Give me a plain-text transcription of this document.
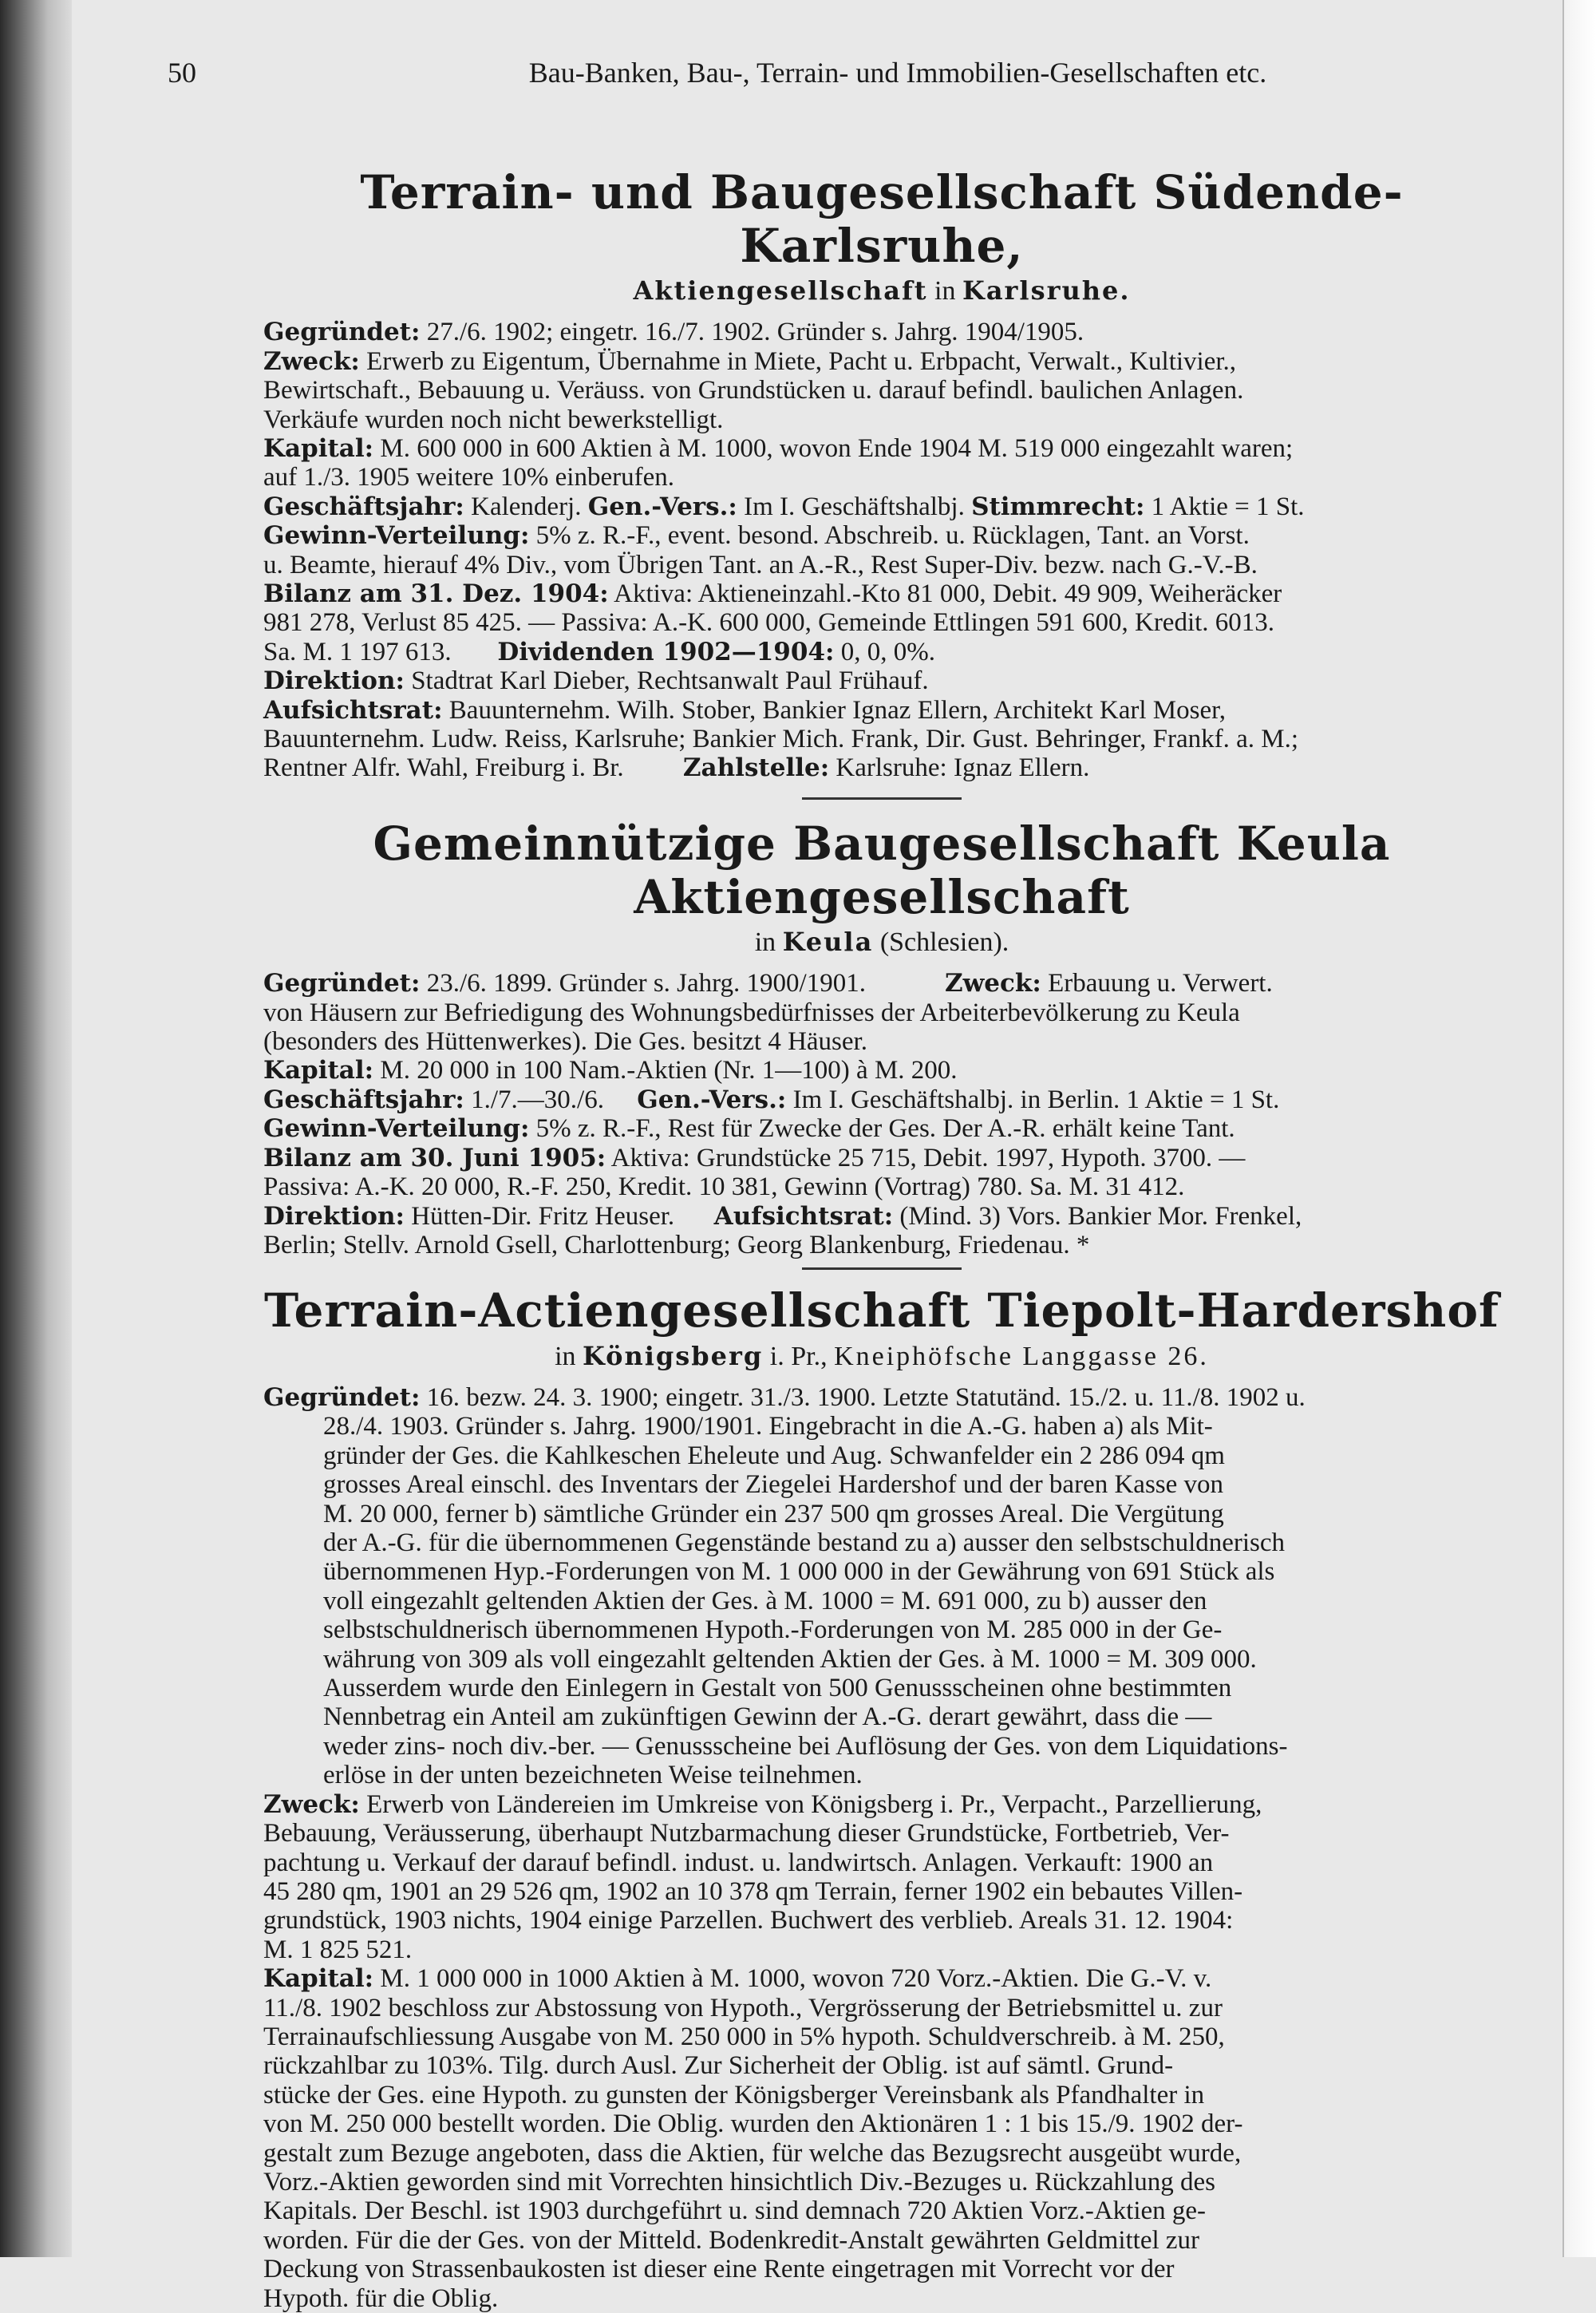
50	Bau-Banken, Bau-, Terrain- und Immobilien-Gesellschaften etc.
Terrain- und Baugesellschaft Südende-Karlsruhe,
Aktiengesellschaft in Karlsruhe.

Gegründet: 27./6. 1902; eingetr. 16./7. 1902. Gründer s. Jahrg. 1904/1905.

Zweck: Erwerb zu Eigentum, Übernahme in Miete, Pacht u. Erbpacht, Verwalt., Kultivier.,

Bewirtschaft., Bebauung u. Veräuss. von Grundstücken u. darauf befindl. baulichen Anlagen.

Verkäufe wurden noch nicht bewerkstelligt.

Kapital: M. 600 000 in 600 Aktien à M. 1000, wovon Ende 1904 M. 519 000 eingezahlt waren;

auf 1./3. 1905 weitere 10% einberufen.

Geschäftsjahr: Kalenderj. Gen.-Vers.: Im I. Geschäftshalbj. Stimmrecht: 1 Aktie = 1 St.

Gewinn-Verteilung: 5% z. R.-F., event. besond. Abschreib. u. Rücklagen, Tant. an Vorst.

u. Beamte, hierauf 4% Div., vom Übrigen Tant. an A.-R., Rest Super-Div. bezw. nach G.-V.-B.

Bilanz am 31. Dez. 1904: Aktiva: Aktieneinzahl.-Kto 81 000, Debit. 49 909, Weiheräcker

981 278, Verlust 85 425. — Passiva: A.-K. 600 000, Gemeinde Ettlingen 591 600, Kredit. 6013.

Sa. M. 1 197 613. Dividenden 1902—1904: 0, 0, 0%.

Direktion: Stadtrat Karl Dieber, Rechtsanwalt Paul Frühauf.

Aufsichtsrat: Bauunternehm. Wilh. Stober, Bankier Ignaz Ellern, Architekt Karl Moser,

Bauunternehm. Ludw. Reiss, Karlsruhe; Bankier Mich. Frank, Dir. Gust. Behringer, Frankf. a. M.;

Rentner Alfr. Wahl, Freiburg i. Br. Zahlstelle: Karlsruhe: Ignaz Ellern.

Gemeinnützige Baugesellschaft Keula Aktiengesellschaft
in Keula (Schlesien).

Gegründet: 23./6. 1899. Gründer s. Jahrg. 1900/1901.	Zweck: Erbauung u. Verwert.

von Häusern zur Befriedigung des Wohnungsbedürfnisses der Arbeiterbevölkerung zu Keula

(besonders des Hüttenwerkes). Die Ges. besitzt 4 Häuser.

Kapital: M. 20 000 in 100 Nam.-Aktien (Nr. 1—100) à M. 200.

Geschäftsjahr: 1./7.—30./6. Gen.-Vers.: Im I. Geschäftshalbj. in Berlin. 1 Aktie = 1 St.

Gewinn-Verteilung: 5% z. R.-F., Rest für Zwecke der Ges. Der A.-R. erhält keine Tant.

Bilanz am 30. Juni 1905: Aktiva: Grundstücke 25 715, Debit. 1997, Hypoth. 3700. —

Passiva: A.-K. 20 000, R.-F. 250, Kredit. 10 381, Gewinn (Vortrag) 780. Sa. M. 31 412.

Direktion: Hütten-Dir. Fritz Heuser. Aufsichtsrat: (Mind. 3) Vors. Bankier Mor. Frenkel,

Berlin; Stellv. Arnold Gsell, Charlottenburg; Georg Blankenburg, Friedenau. *

Terrain-Actiengesellschaft Tiepolt-Hardershof
in Königsberg i. Pr., Kneiphöfsche Langgasse 26.

Gegründet: 16. bezw. 24. 3. 1900; eingetr. 31./3. 1900. Letzte Statutänd. 15./2. u. 11./8. 1902 u.

28./4. 1903. Gründer s. Jahrg. 1900/1901. Eingebracht in die A.-G. haben a) als Mit-

gründer der Ges. die Kahlkeschen Eheleute und Aug. Schwanfelder ein 2 286 094 qm

grosses Areal einschl. des Inventars der Ziegelei Hardershof und der baren Kasse von

M. 20 000, ferner b) sämtliche Gründer ein 237 500 qm grosses Areal. Die Vergütung

der A.-G. für die übernommenen Gegenstände bestand zu a) ausser den selbstschuldnerisch

übernommenen Hyp.-Forderungen von M. 1 000 000 in der Gewährung von 691 Stück als

voll eingezahlt geltenden Aktien der Ges. à M. 1000 = M. 691 000, zu b) ausser den

selbstschuldnerisch übernommenen Hypoth.-Forderungen von M. 285 000 in der Ge-

währung von 309 als voll eingezahlt geltenden Aktien der Ges. à M. 1000 = M. 309 000.

Ausserdem wurde den Einlegern in Gestalt von 500 Genussscheinen ohne bestimmten

Nennbetrag ein Anteil am zukünftigen Gewinn der A.-G. derart gewährt, dass die —

weder zins- noch div.-ber. — Genussscheine bei Auflösung der Ges. von dem Liquidations-

erlöse in der unten bezeichneten Weise teilnehmen.

Zweck: Erwerb von Ländereien im Umkreise von Königsberg i. Pr., Verpacht., Parzellierung,

Bebauung, Veräusserung, überhaupt Nutzbarmachung dieser Grundstücke, Fortbetrieb, Ver-

pachtung u. Verkauf der darauf befindl. indust. u. landwirtsch. Anlagen. Verkauft: 1900 an

45 280 qm, 1901 an 29 526 qm, 1902 an 10 378 qm Terrain, ferner 1902 ein bebautes Villen-

grundstück, 1903 nichts, 1904 einige Parzellen. Buchwert des verblieb. Areals 31. 12. 1904:

M. 1 825 521.

Kapital: M. 1 000 000 in 1000 Aktien à M. 1000, wovon 720 Vorz.-Aktien. Die G.-V. v.

11./8. 1902 beschloss zur Abstossung von Hypoth., Vergrösserung der Betriebsmittel u. zur

Terrainaufschliessung Ausgabe von M. 250 000 in 5% hypoth. Schuldverschreib. à M. 250,

rückzahlbar zu 103%. Tilg. durch Ausl. Zur Sicherheit der Oblig. ist auf sämtl. Grund-

stücke der Ges. eine Hypoth. zu gunsten der Königsberger Vereinsbank als Pfandhalter in

von M. 250 000 bestellt worden. Die Oblig. wurden den Aktionären 1 : 1 bis 15./9. 1902 der-

gestalt zum Bezuge angeboten, dass die Aktien, für welche das Bezugsrecht ausgeübt wurde,

Vorz.-Aktien geworden sind mit Vorrechten hinsichtlich Div.-Bezuges u. Rückzahlung des

Kapitals. Der Beschl. ist 1903 durchgeführt u. sind demnach 720 Aktien Vorz.-Aktien ge-

worden. Für die der Ges. von der Mitteld. Bodenkredit-Anstalt gewährten Geldmittel zur

Deckung von Strassenbaukosten ist dieser eine Rente eingetragen mit Vorrecht vor der

Hypoth. für die Oblig.
